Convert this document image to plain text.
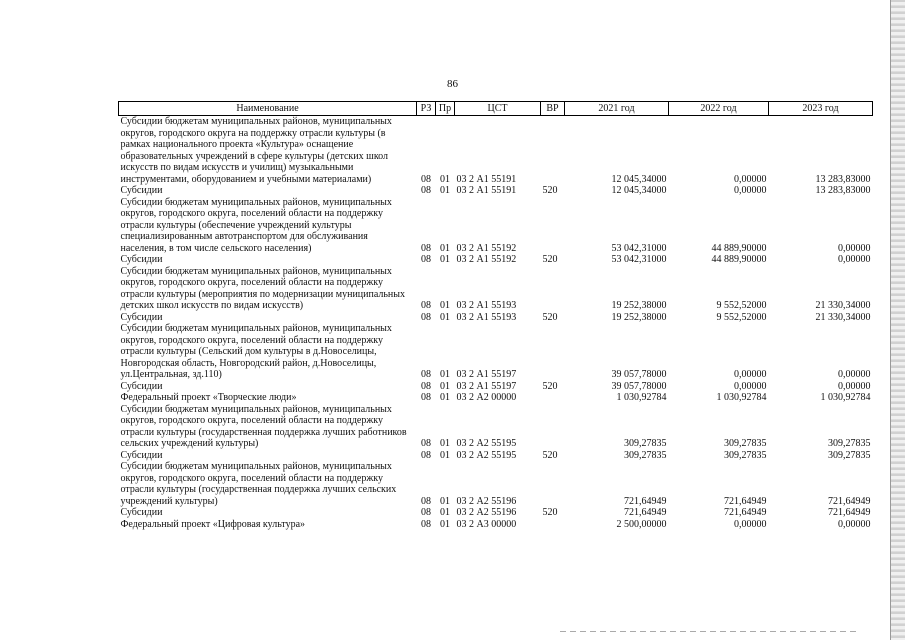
86
Наименование	РЗ	Пр	ЦСТ	ВР	2021 год	2022 год	2023 год
Субсидии бюджетам муниципальных районов, муниципальных округов, городского округа на поддержку отрасли культуры (в рамках национального проекта «Культура» оснащение образовательных учреждений в сфере культуры (детских школ искусств по видам искусств и училищ) музыкальными инструментами, оборудованием и учебными материалами)	08	01	03 2 А1 55191		12 045,34000	0,00000	13 283,83000
Субсидии	08	01	03 2 А1 55191	520	12 045,34000	0,00000	13 283,83000
Субсидии бюджетам муниципальных районов, муниципальных округов, городского округа, поселений области на поддержку отрасли культуры (обеспечение учреждений культуры специализированным автотранспортом для обслуживания населения, в том числе сельского населения)	08	01	03 2 А1 55192		53 042,31000	44 889,90000	0,00000
Субсидии	08	01	03 2 А1 55192	520	53 042,31000	44 889,90000	0,00000
Субсидии бюджетам муниципальных районов, муниципальных округов, городского округа, поселений области на поддержку отрасли культуры (мероприятия по модернизации муниципальных детских школ искусств по видам искусств)	08	01	03 2 А1 55193		19 252,38000	9 552,52000	21 330,34000
Субсидии	08	01	03 2 А1 55193	520	19 252,38000	9 552,52000	21 330,34000
Субсидии бюджетам муниципальных районов, муниципальных округов, городского округа, поселений области на поддержку отрасли культуры (Сельский дом культуры в д.Новоселицы, Новгородская область, Новгородский район, д.Новоселицы, ул.Центральная, зд.110)	08	01	03 2 А1 55197		39 057,78000	0,00000	0,00000
Субсидии	08	01	03 2 А1 55197	520	39 057,78000	0,00000	0,00000
Федеральный проект «Творческие люди»	08	01	03 2 А2 00000		1 030,92784	1 030,92784	1 030,92784
Субсидии бюджетам муниципальных районов, муниципальных округов, городского округа, поселений области на поддержку отрасли культуры (государственная поддержка лучших работников сельских учреждений культуры)	08	01	03 2 А2 55195		309,27835	309,27835	309,27835
Субсидии	08	01	03 2 А2 55195	520	309,27835	309,27835	309,27835
Субсидии бюджетам муниципальных районов, муниципальных округов, городского округа, поселений области на поддержку отрасли культуры (государственная поддержка лучших сельских учреждений культуры)	08	01	03 2 А2 55196		721,64949	721,64949	721,64949
Субсидии	08	01	03 2 А2 55196	520	721,64949	721,64949	721,64949
Федеральный проект «Цифровая культура»	08	01	03 2 А3 00000		2 500,00000	0,00000	0,00000
